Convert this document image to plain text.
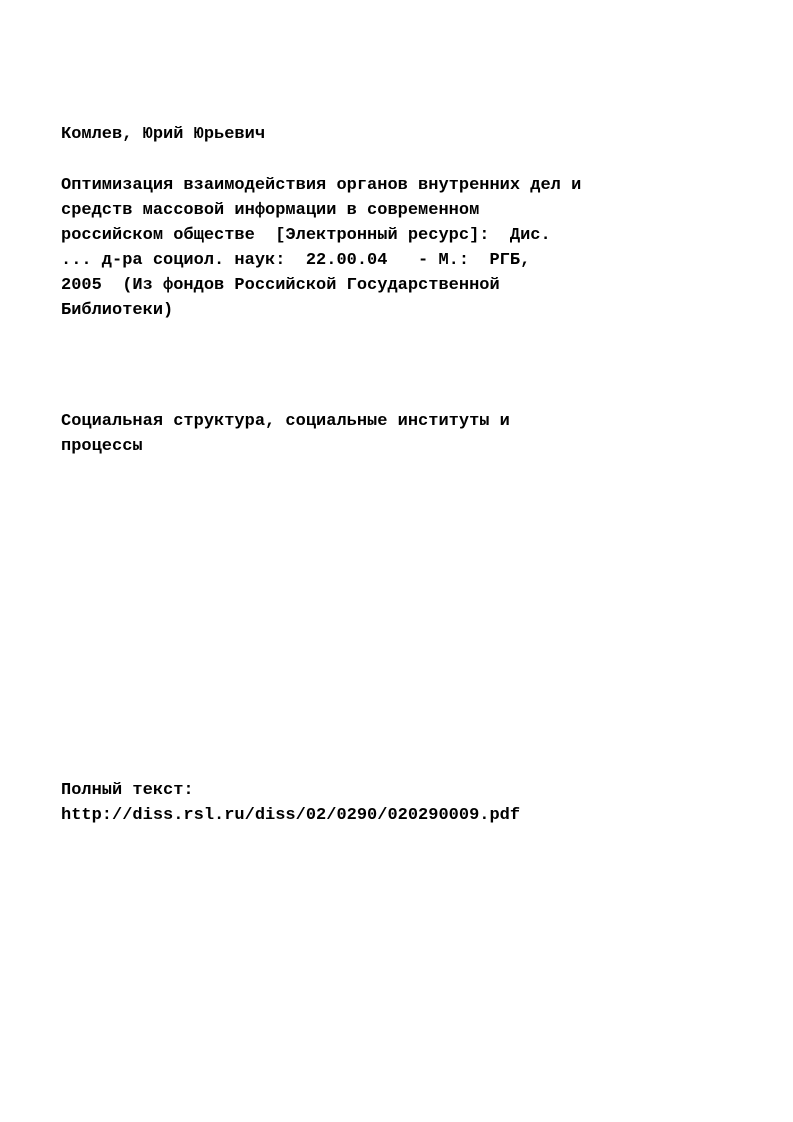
Комлев, Юрий Юрьевич
Оптимизация взаимодействия органов внутренних дел и
средств массовой информации в современном
российском обществе  [Электронный ресурс]:  Дис.
... д-ра социол. наук:  22.00.04   - М.:  РГБ,
2005  (Из фондов Российской Государственной
Библиотеки)
Социальная структура, социальные институты и
процессы
Полный текст:
http://diss.rsl.ru/diss/02/0290/020290009.pdf
